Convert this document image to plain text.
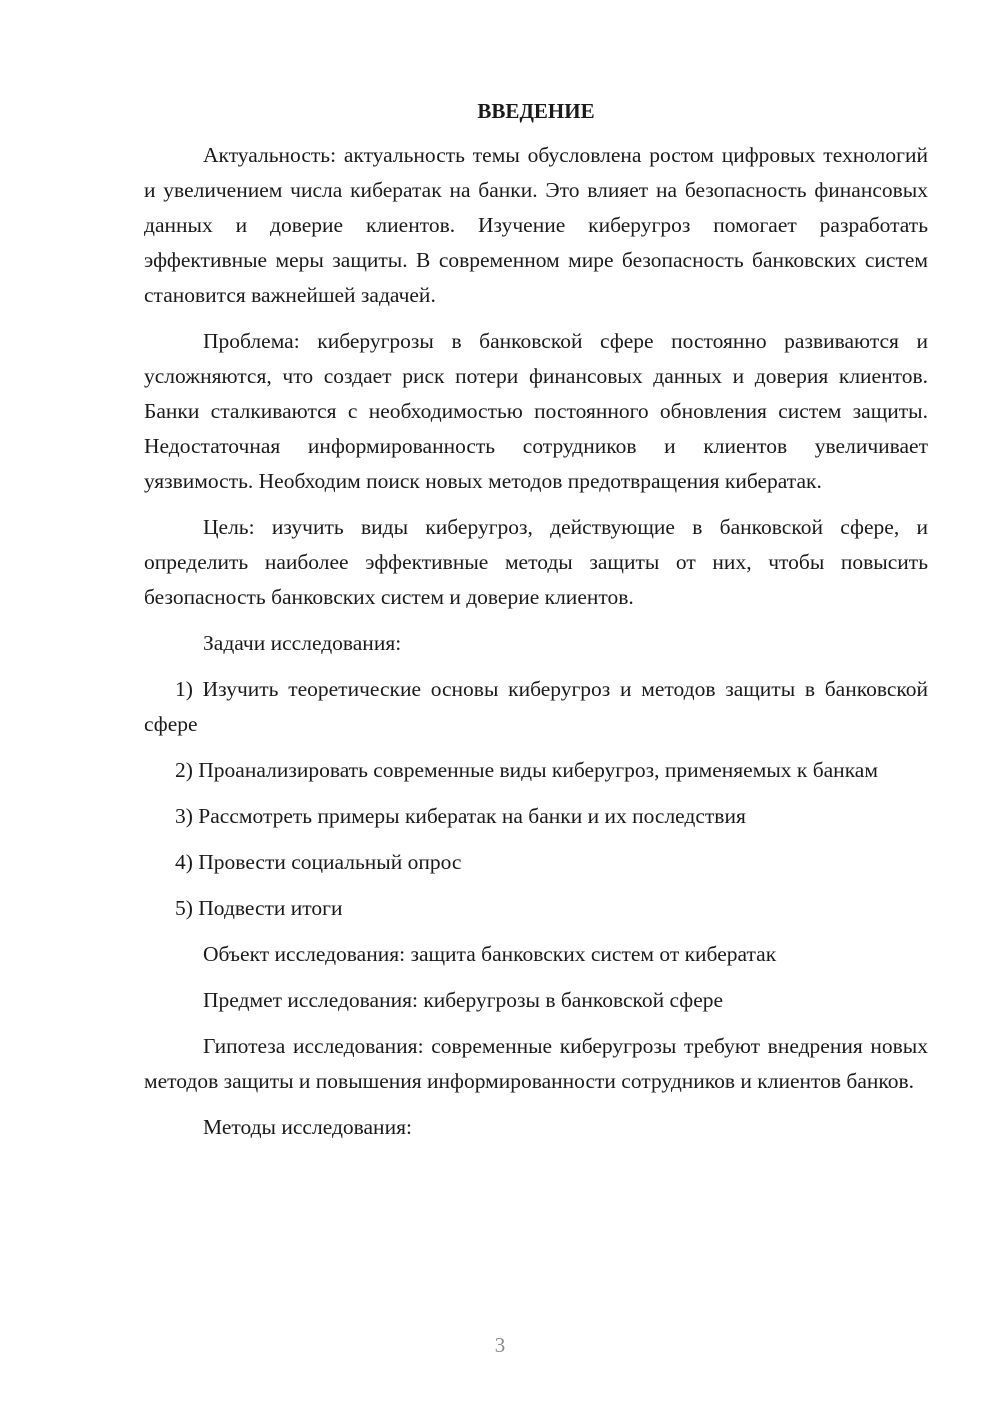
ВВЕДЕНИЕ

Актуальность: актуальность темы обусловлена ростом цифровых технологий и увеличением числа кибератак на банки. Это влияет на безопасность финансовых данных и доверие клиентов. Изучение киберугроз помогает разработать эффективные меры защиты. В современном мире безопасность банковских систем становится важнейшей задачей.

Проблема: киберугрозы в банковской сфере постоянно развиваются и усложняются, что создает риск потери финансовых данных и доверия клиентов. Банки сталкиваются с необходимостью постоянного обновления систем защиты. Недостаточная информированность сотрудников и клиентов увеличивает уязвимость. Необходим поиск новых методов предотвращения кибератак.

Цель: изучить виды киберугроз, действующие в банковской сфере, и определить наиболее эффективные методы защиты от них, чтобы повысить безопасность банковских систем и доверие клиентов.

Задачи исследования:

1) Изучить теоретические основы киберугроз и методов защиты в банковской сфере

2) Проанализировать современные виды киберугроз, применяемых к банкам

3) Рассмотреть примеры кибератак на банки и их последствия

4) Провести социальный опрос

5) Подвести итоги

Объект исследования: защита банковских систем от кибератак

Предмет исследования: киберугрозы в банковской сфере

Гипотеза исследования: современные киберугрозы требуют внедрения новых методов защиты и повышения информированности сотрудников и клиентов банков.

Методы исследования:

3
